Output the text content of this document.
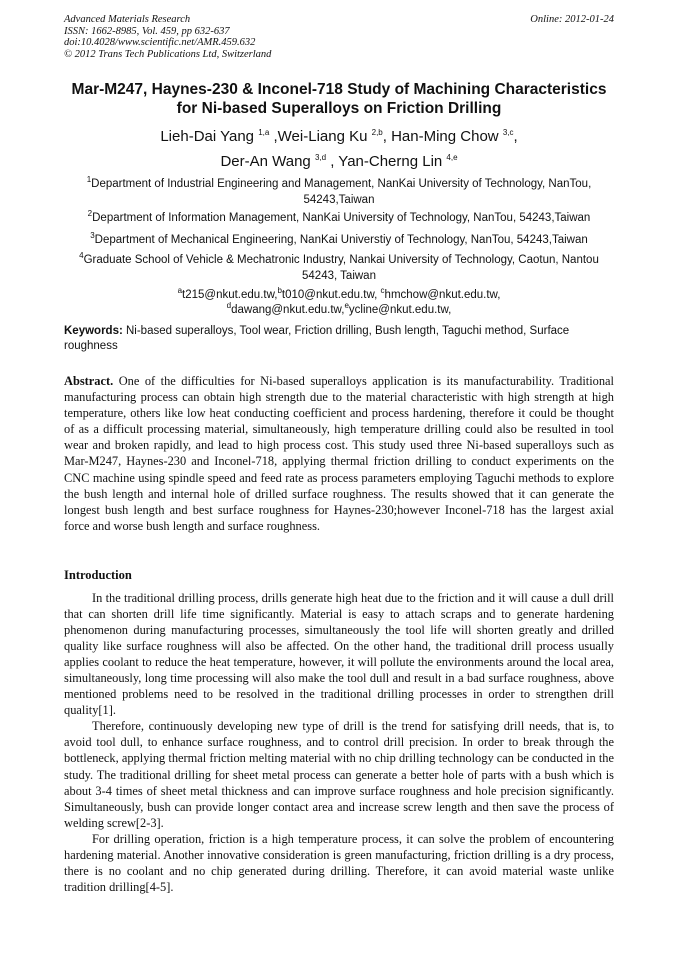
Advanced Materials Research
ISSN: 1662-8985, Vol. 459, pp 632-637
doi:10.4028/www.scientific.net/AMR.459.632
© 2012 Trans Tech Publications Ltd, Switzerland
Online: 2012-01-24
Mar-M247, Haynes-230 & Inconel-718 Study of Machining Characteristics
for Ni-based Superalloys on Friction Drilling
Lieh-Dai Yang $^{1,a}$ ,Wei-Liang Ku $^{2,b}$, Han-Ming Chow $^{3,c}$,
Der-An Wang $^{3,d}$ , Yan-Cherng Lin $^{4,e}$
$^1$Department of Industrial Engineering and Management, NanKai University of Technology, NanTou, 54243,Taiwan
$^2$Department of Information Management, NanKai University of Technology, NanTou, 54243,Taiwan
$^3$Department of Mechanical Engineering, NanKai Universtiy of Technology, NanTou, 54243,Taiwan
$^4$Graduate School of Vehicle & Mechatronic Industry, Nankai University of Technology, Caotun, Nantou 54243, Taiwan
$^a$t215@nkut.edu.tw,$^b$t010@nkut.edu.tw, $^c$hmchow@nkut.edu.tw,
$^d$dawang@nkut.edu.tw,$^e$ycline@nkut.edu.tw,
Keywords: Ni-based superalloys, Tool wear, Friction drilling, Bush length, Taguchi method, Surface roughness
Abstract. One of the difficulties for Ni-based superalloys application is its manufacturability. Traditional manufacturing process can obtain high strength due to the material characteristic with high strength at high temperature, others like low heat conducting coefficient and process hardening, therefore it could be thought of as a difficult processing material, simultaneously, high temperature drilling could also be resulted in tool wear and broken rapidly, and lead to high process cost. This study used three Ni-based superalloys such as Mar-M247, Haynes-230 and Inconel-718, applying thermal friction drilling to conduct experiments on the CNC machine using spindle speed and feed rate as process parameters employing Taguchi methods to explore the bush length and internal hole of drilled surface roughness. The results showed that it can generate the longest bush length and best surface roughness for Haynes-230;however Inconel-718 has the largest axial force and worse bush length and surface roughness.
Introduction

In the traditional drilling process, drills generate high heat due to the friction and it will cause a dull drill that can shorten drill life time significantly. Material is easy to attach scraps and to generate hardening phenomenon during manufacturing processes, simultaneously the tool life will shorten greatly and drilled quality like surface roughness will also be affected. On the other hand, the traditional drill process usually applies coolant to reduce the heat temperature, however, it will pollute the environments around the local area, simultaneously, long time processing will also make the tool dull and result in a bad surface roughness, above mentioned problems need to be resolved in the traditional drilling processes in order to strengthen drill quality[1].

Therefore, continuously developing new type of drill is the trend for satisfying drill needs, that is, to avoid tool dull, to enhance surface roughness, and to control drill precision. In order to break through the bottleneck, applying thermal friction melting material with no chip drilling technology can be conducted in the study. The traditional drilling for sheet metal process can generate a better hole of parts with a bush which is about 3-4 times of sheet metal thickness and can improve surface roughness and hole precision significantly. Simultaneously, bush can provide longer contact area and increase screw length and then save the process of welding screw[2-3].

For drilling operation, friction is a high temperature process, it can solve the problem of encountering hardening material. Another innovative consideration is green manufacturing, friction drilling is a dry process, there is no coolant and no chip generated during drilling. Therefore, it can avoid material waste unlike tradition drilling[4-5].
